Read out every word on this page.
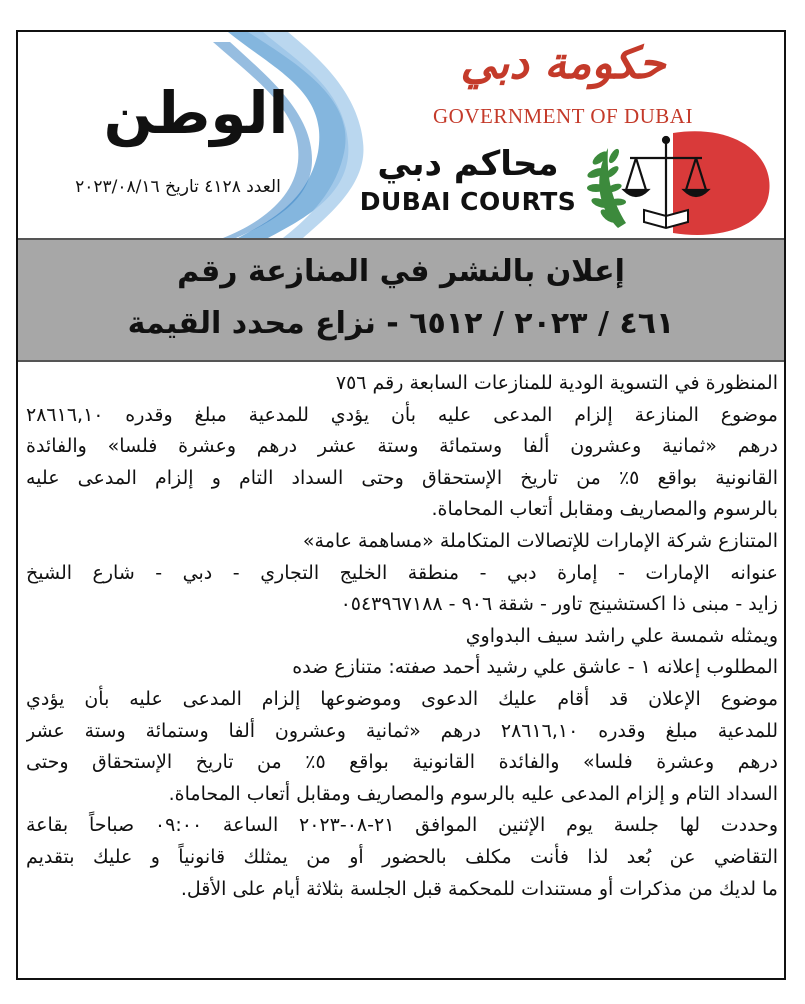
الوطن
العدد ٤١٢٨ تاريخ ٢٠٢٣/٠٨/١٦
حكومة دبي
GOVERNMENT OF DUBAI
محاكم دبي
DUBAI COURTS
إعلان بالنشر في المنازعة رقم
٤٦١ / ٢٠٢٣ / ٦٥١٢ - نزاع محدد القيمة
المنظورة في التسوية الودية للمنازعات السابعة رقم ٧٥٦
موضوع المنازعة إلزام المدعى عليه بأن يؤدي للمدعية مبلغ وقدره ٢٨٦١٦,١٠
درهم «ثمانية وعشرون ألفا وستمائة وستة عشر درهم وعشرة فلسا» والفائدة
القانونية بواقع ٥٪ من تاريخ الإستحقاق وحتى السداد التام و إلزام المدعى عليه
بالرسوم والمصاريف ومقابل أتعاب المحاماة.
المتنازع شركة الإمارات للإتصالات المتكاملة «مساهمة عامة»
عنوانه الإمارات - إمارة دبي - منطقة الخليج التجاري - دبي - شارع الشيخ
زايد - مبنى ذا اكستشينج تاور - شقة ٩٠٦ - ٠٥٤٣٩٦٧١٨٨
ويمثله شمسة علي راشد سيف البدواوي
المطلوب إعلانه ١ - عاشق علي رشيد أحمد صفته: متنازع ضده
موضوع الإعلان قد أقام عليك الدعوى وموضوعها إلزام المدعى عليه بأن يؤدي
للمدعية مبلغ وقدره ٢٨٦١٦,١٠ درهم «ثمانية وعشرون ألفا وستمائة وستة عشر
درهم وعشرة فلسا» والفائدة القانونية بواقع ٥٪ من تاريخ الإستحقاق وحتى
السداد التام و إلزام المدعى عليه بالرسوم والمصاريف ومقابل أتعاب المحاماة.
وحددت لها جلسة يوم الإثنين الموافق ٢١-٠٨-٢٠٢٣ الساعة ٠٩:٠٠ صباحاً بقاعة
التقاضي عن بُعد لذا فأنت مكلف بالحضور أو من يمثلك قانونياً و عليك بتقديم
ما لديك من مذكرات أو مستندات للمحكمة قبل الجلسة بثلاثة أيام على الأقل.
